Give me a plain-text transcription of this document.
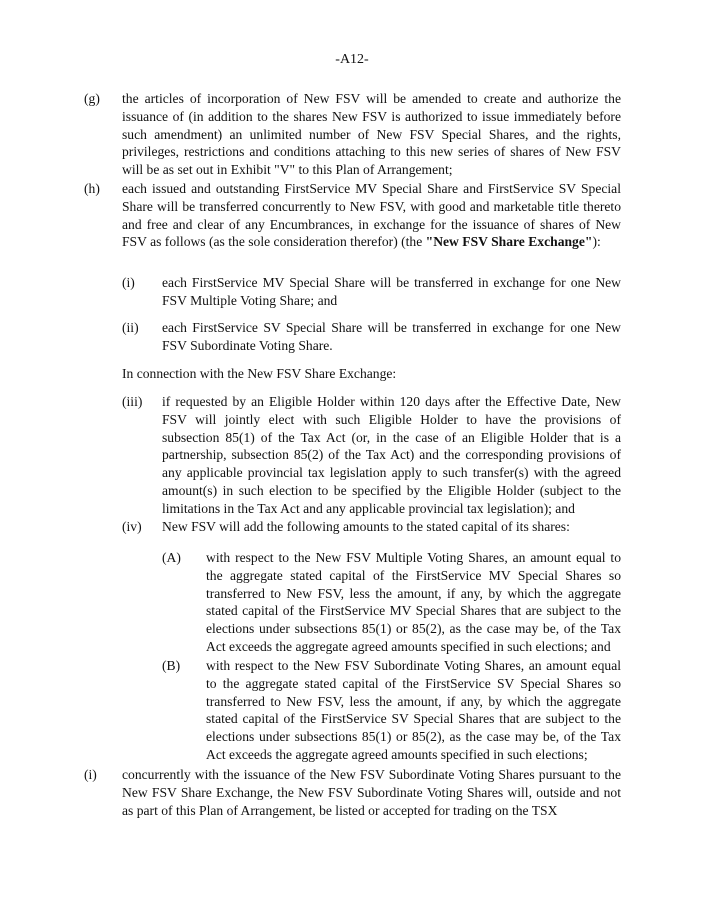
-A12-
(g) the articles of incorporation of New FSV will be amended to create and authorize the issuance of (in addition to the shares New FSV is authorized to issue immediately before such amendment) an unlimited number of New FSV Special Shares, and the rights, privileges, restrictions and conditions attaching to this new series of shares of New FSV will be as set out in Exhibit "V" to this Plan of Arrangement;
(h) each issued and outstanding FirstService MV Special Share and FirstService SV Special Share will be transferred concurrently to New FSV, with good and marketable title thereto and free and clear of any Encumbrances, in exchange for the issuance of shares of New FSV as follows (as the sole consideration therefor) (the "New FSV Share Exchange"):
(i) each FirstService MV Special Share will be transferred in exchange for one New FSV Multiple Voting Share; and
(ii) each FirstService SV Special Share will be transferred in exchange for one New FSV Subordinate Voting Share.
In connection with the New FSV Share Exchange:
(iii) if requested by an Eligible Holder within 120 days after the Effective Date, New FSV will jointly elect with such Eligible Holder to have the provisions of subsection 85(1) of the Tax Act (or, in the case of an Eligible Holder that is a partnership, subsection 85(2) of the Tax Act) and the corresponding provisions of any applicable provincial tax legislation apply to such transfer(s) with the agreed amount(s) in such election to be specified by the Eligible Holder (subject to the limitations in the Tax Act and any applicable provincial tax legislation); and
(iv) New FSV will add the following amounts to the stated capital of its shares:
(A) with respect to the New FSV Multiple Voting Shares, an amount equal to the aggregate stated capital of the FirstService MV Special Shares so transferred to New FSV, less the amount, if any, by which the aggregate stated capital of the FirstService MV Special Shares that are subject to the elections under subsections 85(1) or 85(2), as the case may be, of the Tax Act exceeds the aggregate agreed amounts specified in such elections; and
(B) with respect to the New FSV Subordinate Voting Shares, an amount equal to the aggregate stated capital of the FirstService SV Special Shares so transferred to New FSV, less the amount, if any, by which the aggregate stated capital of the FirstService SV Special Shares that are subject to the elections under subsections 85(1) or 85(2), as the case may be, of the Tax Act exceeds the aggregate agreed amounts specified in such elections;
(i) concurrently with the issuance of the New FSV Subordinate Voting Shares pursuant to the New FSV Share Exchange, the New FSV Subordinate Voting Shares will, outside and not as part of this Plan of Arrangement, be listed or accepted for trading on the TSX
